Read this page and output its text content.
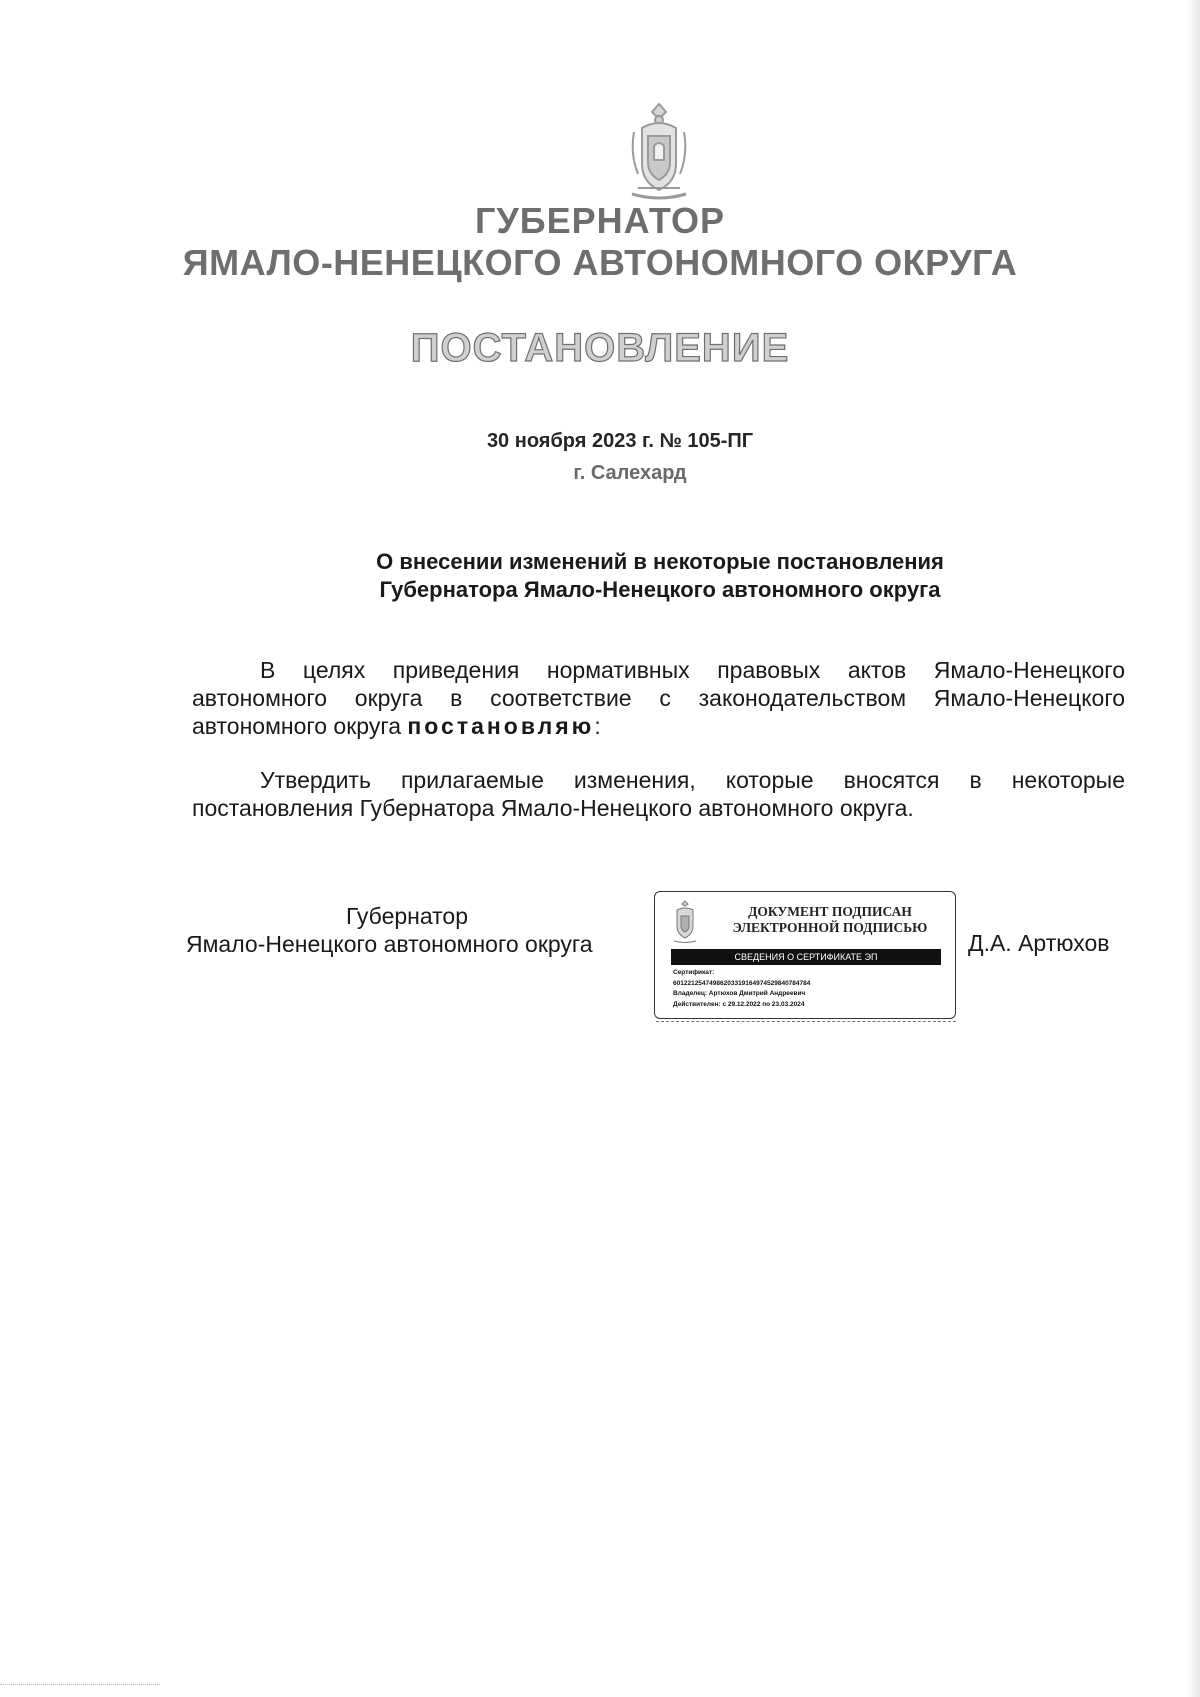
ГУБЕРНАТОР
ЯМАЛО-НЕНЕЦКОГО АВТОНОМНОГО ОКРУГА
ПОСТАНОВЛЕНИЕ
30 ноября 2023 г. № 105-ПГ
г. Салехард
О внесении изменений в некоторые постановления
Губернатора Ямало-Ненецкого автономного округа

В целях приведения нормативных правовых актов Ямало-Ненецкого автономного округа в соответствие с законодательством Ямало-Ненецкого автономного округа постановляю:

Утвердить прилагаемые изменения, которые вносятся в некоторые постановления Губернатора Ямало-Ненецкого автономного округа.

Губернатор
Ямало-Ненецкого автономного округа
ДОКУМЕНТ ПОДПИСАН
ЭЛЕКТРОННОЙ ПОДПИСЬЮ
СВЕДЕНИЯ О СЕРТИФИКАТЕ ЭП
Сертификат:
60122125474986203319164974529840784784
Владелец: Артюхов Дмитрий Андреевич
Действителен: с 29.12.2022 по 23.03.2024
Д.А. Артюхов
